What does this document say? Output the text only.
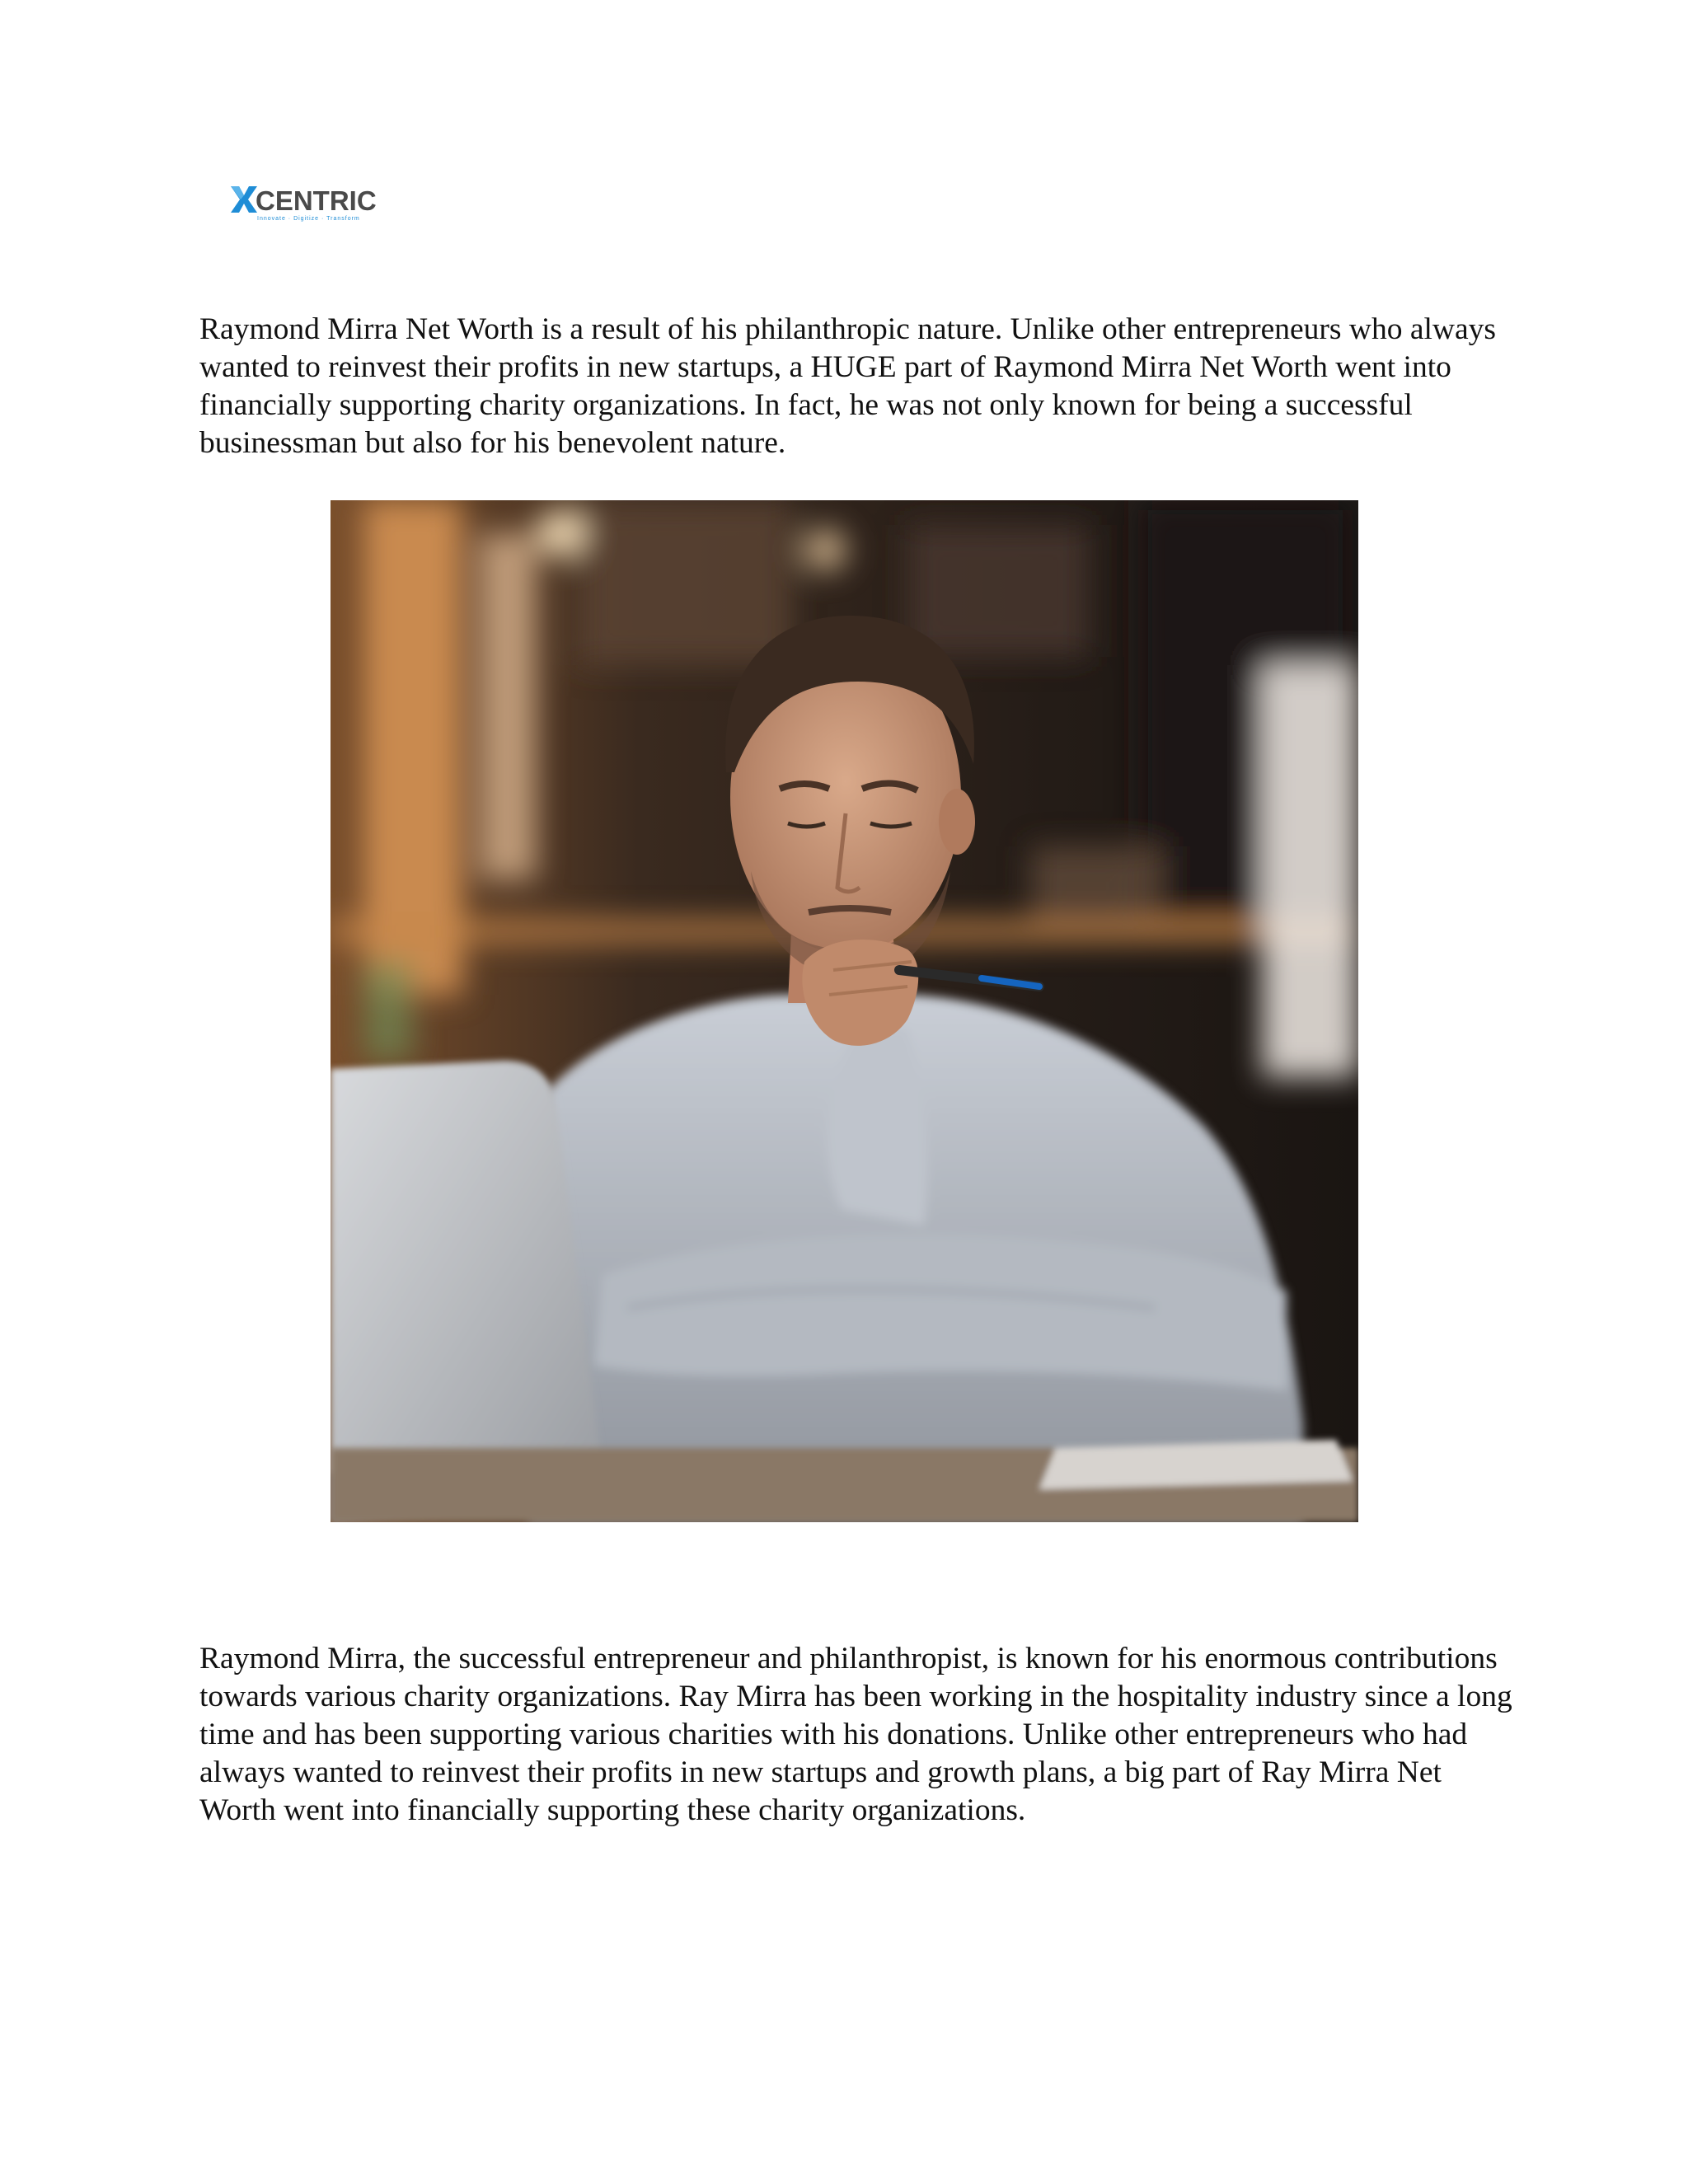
CENTRIC
Innovate · Digitize · Transform

Raymond Mirra Net Worth is a result of his philanthropic nature. Unlike other entrepreneurs who always wanted to reinvest their profits in new startups, a HUGE part of Raymond Mirra Net Worth went into financially supporting charity organizations. In fact, he was not only known for being a successful businessman but also for his benevolent nature.

Raymond Mirra, the successful entrepreneur and philanthropist, is known for his enormous contributions towards various charity organizations. Ray Mirra has been working in the hospitality industry since a long time and has been supporting various charities with his donations. Unlike other entrepreneurs who had always wanted to reinvest their profits in new startups and growth plans, a big part of Ray Mirra Net Worth went into financially supporting these charity organizations.
